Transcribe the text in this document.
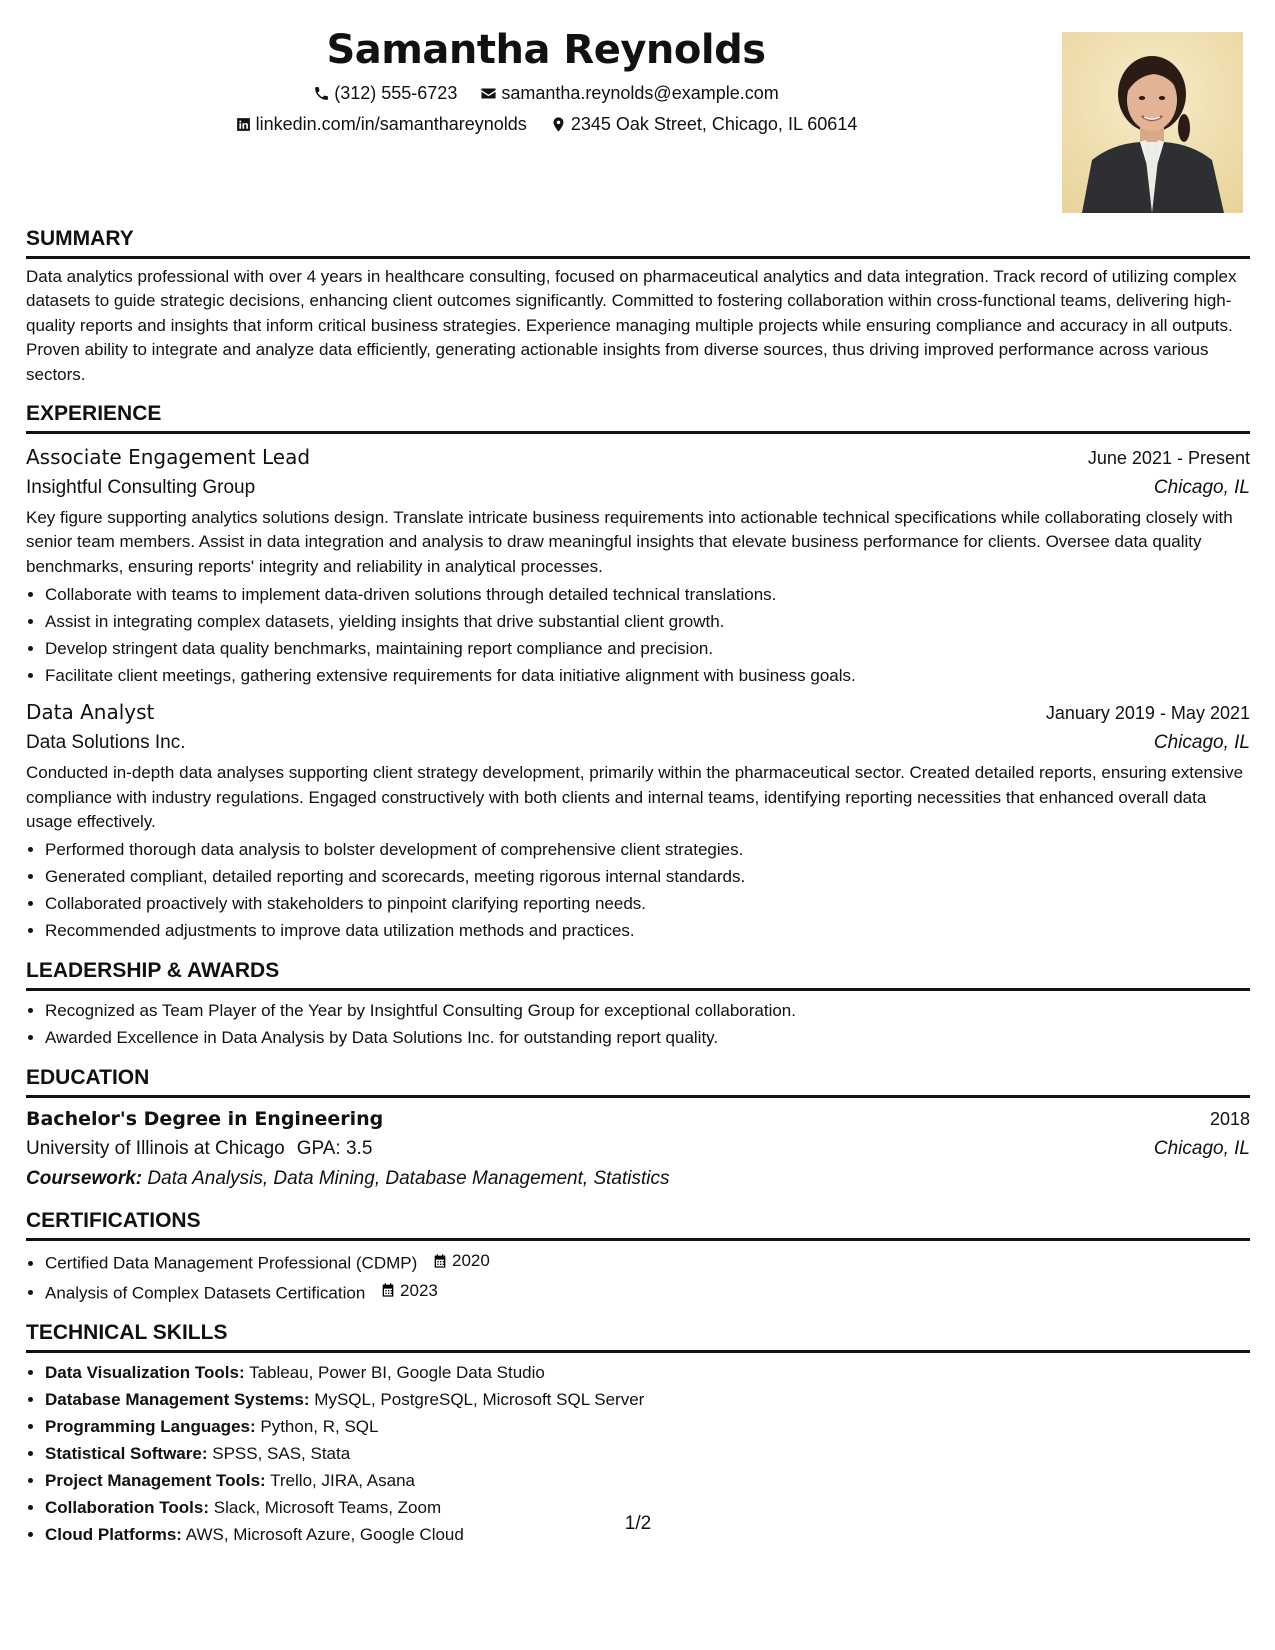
Samantha Reynolds
(312) 555-6723
samantha.reynolds@example.com
linkedin.com/in/samanthareynolds
2345 Oak Street, Chicago, IL 60614
SUMMARY

Data analytics professional with over 4 years in healthcare consulting, focused on pharmaceutical analytics and data integration. Track record of utilizing complex datasets to guide strategic decisions, enhancing client outcomes significantly. Committed to fostering collaboration within cross-functional teams, delivering high-quality reports and insights that inform critical business strategies. Experience managing multiple projects while ensuring compliance and accuracy in all outputs. Proven ability to integrate and analyze data efficiently, generating actionable insights from diverse sources, thus driving improved performance across various sectors.

EXPERIENCE
Associate Engagement Lead	June 2021 - Present
Insightful Consulting Group	Chicago, IL

Key figure supporting analytics solutions design. Translate intricate business requirements into actionable technical specifications while collaborating closely with senior team members. Assist in data integration and analysis to draw meaningful insights that elevate business performance for clients. Oversee data quality benchmarks, ensuring reports' integrity and reliability in analytical processes.

• Collaborate with teams to implement data-driven solutions through detailed technical translations.
• Assist in integrating complex datasets, yielding insights that drive substantial client growth.
• Develop stringent data quality benchmarks, maintaining report compliance and precision.
• Facilitate client meetings, gathering extensive requirements for data initiative alignment with business goals.
Data Analyst	January 2019 - May 2021
Data Solutions Inc.	Chicago, IL

Conducted in-depth data analyses supporting client strategy development, primarily within the pharmaceutical sector. Created detailed reports, ensuring extensive compliance with industry regulations. Engaged constructively with both clients and internal teams, identifying reporting necessities that enhanced overall data usage effectively.

• Performed thorough data analysis to bolster development of comprehensive client strategies.
• Generated compliant, detailed reporting and scorecards, meeting rigorous internal standards.
• Collaborated proactively with stakeholders to pinpoint clarifying reporting needs.
• Recommended adjustments to improve data utilization methods and practices.
LEADERSHIP & AWARDS
• Recognized as Team Player of the Year by Insightful Consulting Group for exceptional collaboration.
• Awarded Excellence in Data Analysis by Data Solutions Inc. for outstanding report quality.
EDUCATION
Bachelor's Degree in Engineering	2018
University of Illinois at Chicago GPA: 3.5	Chicago, IL
Coursework: Data Analysis, Data Mining, Database Management, Statistics
CERTIFICATIONS
• Certified Data Management Professional (CDMP) 2020
• Analysis of Complex Datasets Certification 2023
TECHNICAL SKILLS
• Data Visualization Tools: Tableau, Power BI, Google Data Studio
• Database Management Systems: MySQL, PostgreSQL, Microsoft SQL Server
• Programming Languages: Python, R, SQL
• Statistical Software: SPSS, SAS, Stata
• Project Management Tools: Trello, JIRA, Asana
• Collaboration Tools: Slack, Microsoft Teams, Zoom
• Cloud Platforms: AWS, Microsoft Azure, Google Cloud
1/2
